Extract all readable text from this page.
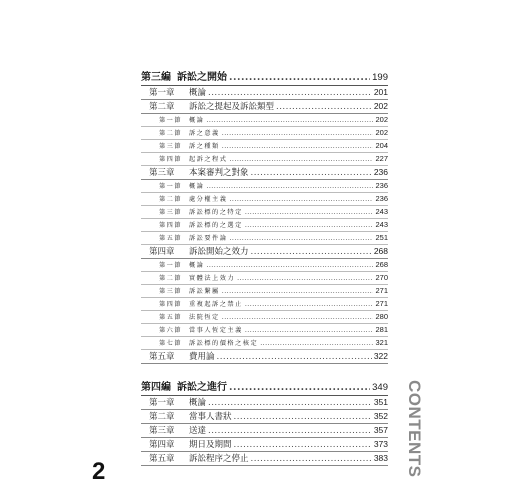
第三編 訴訟之開始 .....	199
第一章	概論 .....	201
第二章	訴訟之提起及訴訟類型 .....	202
第一節	概論 .....	202
第二節	訴之意義 .....	202
第三節	訴之種類 .....	204
第四節	起訴之程式 .....	227
第三章	本案審判之對象 .....	236
第一節	概論 .....	236
第二節	處分權主義 .....	236
第三節	訴訟標的之特定 .....	243
第四節	訴訟標的之選定 .....	243
第五節	訴訟要件論 .....	251
第四章	訴訟開始之效力 .....	268
第一節	概論 .....	268
第二節	實體法上效力 .....	270
第三節	訴訟繫屬 .....	271
第四節	重複起訴之禁止 .....	271
第五節	法院恆定 .....	280
第六節	當事人恆定主義 .....	281
第七節	訴訟標的價格之核定 .....	321
第五章	費用論 .....	322
第四編 訴訟之進行 .....	349
第一章	概論 .....	351
第二章	當事人書狀 .....	352
第三章	送達 .....	357
第四章	期日及期間 .....	373
第五章	訴訟程序之停止 .....	383 CONTENTS
2
